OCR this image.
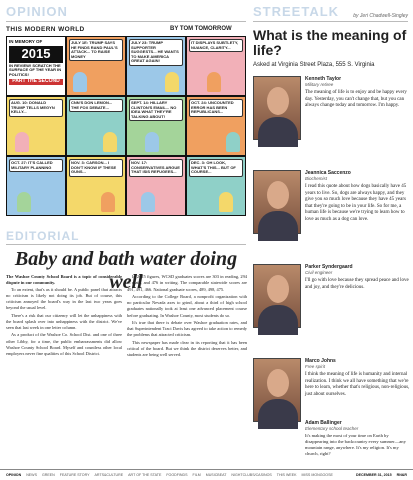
OPINION	STREETALK	by Jeri Chadwell-Singley
THIS MODERN WORLD	BY TOM TOMORROW
IN MEMORY OF
2015
IN REVIEW! SCRATCH THE SURFACE OF THE YEAR IN POLITICS!
PART THE SECOND
JULY 1E: TRUMP SAYS HE FINDS RAND PAUL'S ATTACK... TO RAISE MONEY
JULY 23: TRUMP SUPPORTER SUGGESTS... HE WANTS TO MAKE AMERICA GREAT AGAIN!
IT DISPLAYS SUBTLETY, NUANCE, CLARITY...
AUG. 10: DONALD TRUMP TELLS MEGYN KELLY...
CNN'S DON LEMON... THE FOX DEBATE...
SEPT. 14: HILLARY CLINTON'S EMAIL... NO IDEA WHAT THEY'RE TALKING ABOUT!
OCT. 24: UNCOUNTED ERROR HAS BEEN REPUBLICANS...
OCT. 27: IT'S CALLED MILITARY PLANNING
NOV. 3: CARSON... I DON'T KNOW IF THESE GUNS...
NOV. 17: CONSERVATIVES ARGUE THAT ISIS REFUGEES...
DEC. 3: OH LOOK, WHAT'S THIS... BUT OF COURSE...
What is the meaning of life?
Asked at Virginia Street Plaza, 555 S. Virginia
Kenneth Taylor
Military retiree
The meaning of life is to enjoy and be happy every day. Yesterday, you can't change that, but you can always change today and tomorrow. I'm happy.
Jeannica Saccenzo
Biochemist
I read this quote about how dogs basically have 45 years to live. So, dogs are always happy, and they give you so much love because they have 45 years that they're going to be in your life. So for me, a human life is because we're trying to learn how to love as much as a dog can love.
Parker Syndergaard
Civil engineer
I'll go with love because they spread peace and love and joy, and they're delicious.
Marco Johns
Free spirit
I think the meaning of life is humanity and internal realization. I think we all have something that we're here to learn, whether that's religious, non-religious, just about ourselves.
Adam Ballinger
Elementary school teacher
It's making the most of your time on Earth by disappearing into the backcountry every summer—any mountain range, anywhere. It's my religion. It's my church, right?
EDITORIAL
Baby and bath water doing well

The Washoe County School Board is a topic of considerable dispute in our community.

To an extent, that's as it should be. A public panel that attracts no criticism is likely not doing its job. But of course, this criticism annoyed the board's way in the last two years goes beyond the usual level.

There's a risk that our citizenry will let the unhappiness with the board splash over into unhappiness with the district. We've seen that last week in one letter column.

As a product of the Washoe Co. School Dist. and one of three other Libby, for a time, the public embarrassments did allow Washoe County School Board. Myself and countless other local employers never fine qualities of this School District.

In 2015 figures, WCSD graduates scores are 303 in reading, 294 in math, and 476 in writing. The comparable statewide scores are 491, 491, 466. National graduate scores, 489, 498, 475.

According to the College Board, a nonprofit organization with no particular Nevada axes to grind, about a third of high school graduates nationally took at least one advanced placement course before graduating. In Washoe County, most students do so.

It's true that there is debate over Washoe graduation rates, and that Superintendent Traci Davis has agreed to take action to remedy the problems that attracted criticism.

This newspaper has made clear in its reporting that it has been critical of the board. But we think the district deserves better, and students are being well served.

OPINION NEWS GREEN FEATURE STORY ARTS&CULTURE ART OF THE STATE FOODFINDS FILM MUSICBEAT NIGHTCLUBS/CASINOS THIS WEEK MISS MONGOOSE	DECEMBER 31, 2015 RN&R
